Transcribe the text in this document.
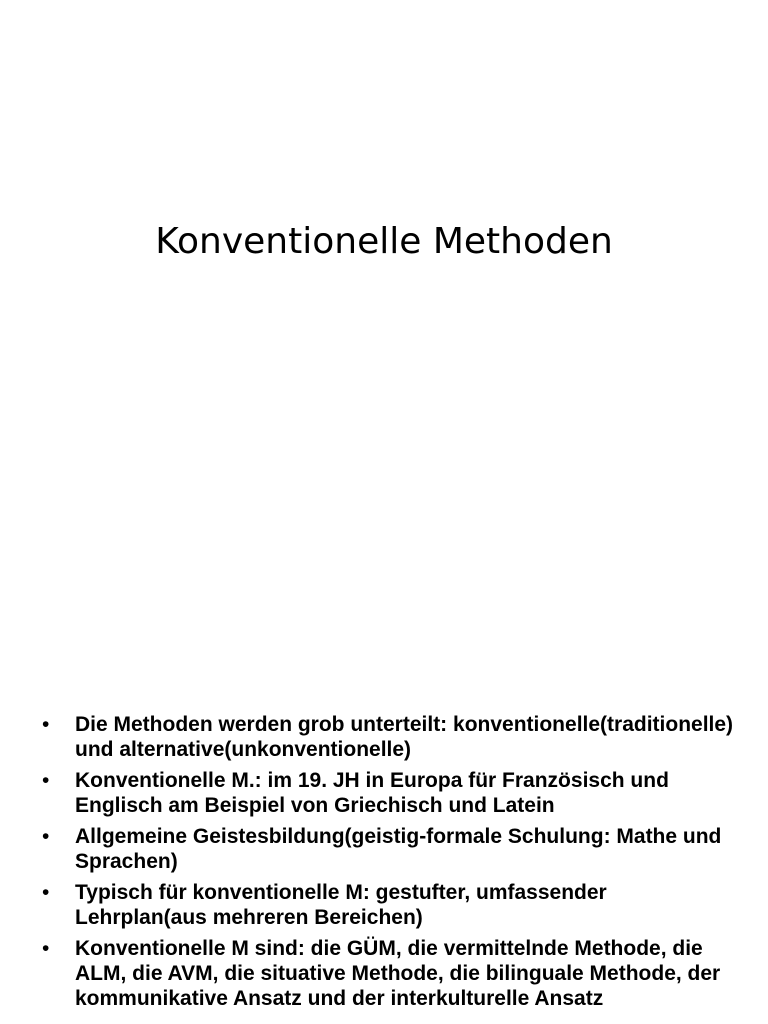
Konventionelle Methoden
• Die Methoden werden grob unterteilt: konventionelle(traditionelle) und alternative(unkonventionelle)
• Konventionelle M.: im 19. JH in Europa für Französisch und Englisch am Beispiel von Griechisch und Latein
• Allgemeine Geistesbildung(geistig-formale Schulung: Mathe und Sprachen)
• Typisch für konventionelle M: gestufter, umfassender Lehrplan(aus mehreren Bereichen)
• Konventionelle M sind: die GÜM, die vermittelnde Methode, die ALM, die AVM, die situative Methode, die bilinguale Methode, der kommunikative Ansatz und der interkulturelle Ansatz
